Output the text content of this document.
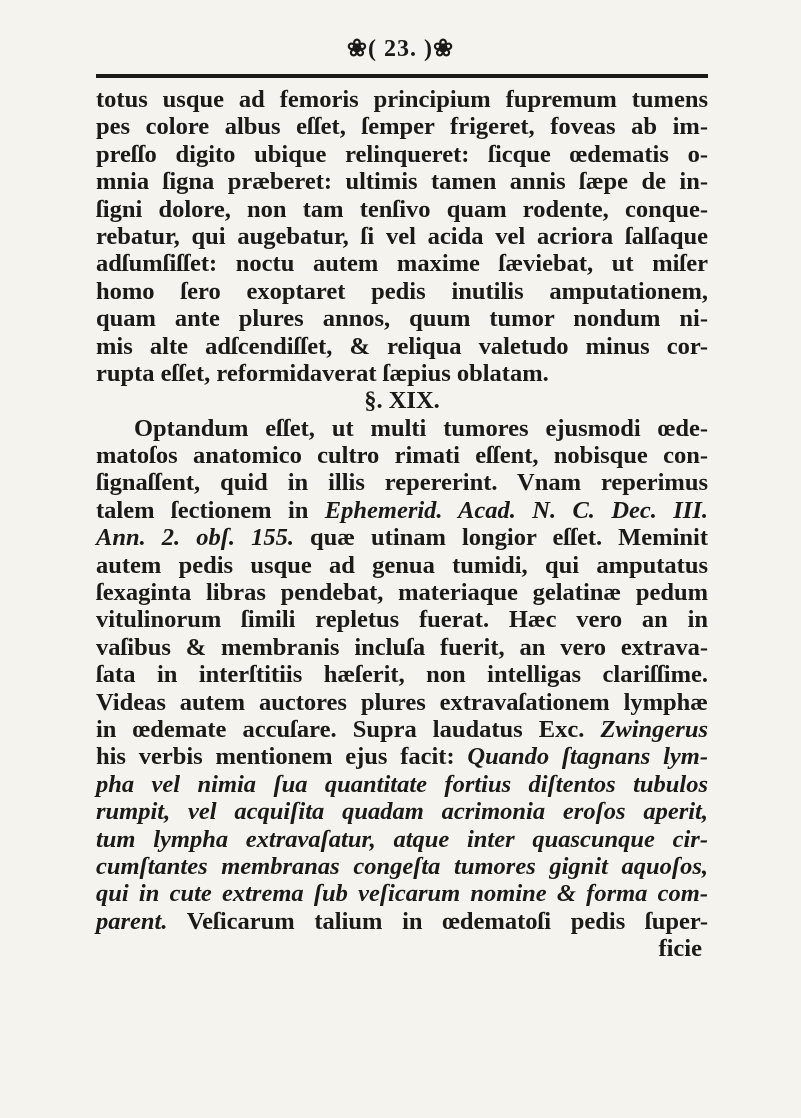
❀( 23. )❀
totus usque ad femoris principium fupremum tumens
pes colore albus eſſet, ſemper frigeret, foveas ab im-
preſſo digito ubique relinqueret: ſicque œdematis o-
mnia ſigna præberet: ultimis tamen annis ſæpe de in-
ſigni dolore, non tam tenſivo quam rodente, conque-
rebatur, qui augebatur, ſi vel acida vel acriora ſalſaque
adſumſiſſet: noctu autem maxime ſæviebat, ut miſer
homo ſero exoptaret pedis inutilis amputationem,
quam ante plures annos, quum tumor nondum ni-
mis alte adſcendiſſet, & reliqua valetudo minus cor-
rupta eſſet, reformidaverat ſæpius oblatam.
§. XIX.
Optandum eſſet, ut multi tumores ejusmodi œde-
matoſos anatomico cultro rimati eſſent, nobisque con-
ſignaſſent, quid in illis repererint. Vnam reperimus
talem ſectionem in Ephemerid. Acad. N. C. Dec. III.
Ann. 2. obſ. 155. quæ utinam longior eſſet. Meminit
autem pedis usque ad genua tumidi, qui amputatus
ſexaginta libras pendebat, materiaque gelatinæ pedum
vitulinorum ſimili repletus fuerat. Hæc vero an in
vaſibus & membranis incluſa fuerit, an vero extrava-
ſata in interſtitiis hæſerit, non intelligas clariſſime.
Videas autem auctores plures extravaſationem lymphæ
in œdemate accuſare. Supra laudatus Exc. Zwingerus
his verbis mentionem ejus facit: Quando ſtagnans lym-
pha vel nimia ſua quantitate fortius diſtentos tubulos
rumpit, vel acquiſita quadam acrimonia eroſos aperit,
tum lympha extravaſatur, atque inter quascunque cir-
cumſtantes membranas congeſta tumores gignit aquoſos,
qui in cute extrema ſub veſicarum nomine & forma com-
parent. Veſicarum talium in œdematoſi pedis ſuper-
ficie
